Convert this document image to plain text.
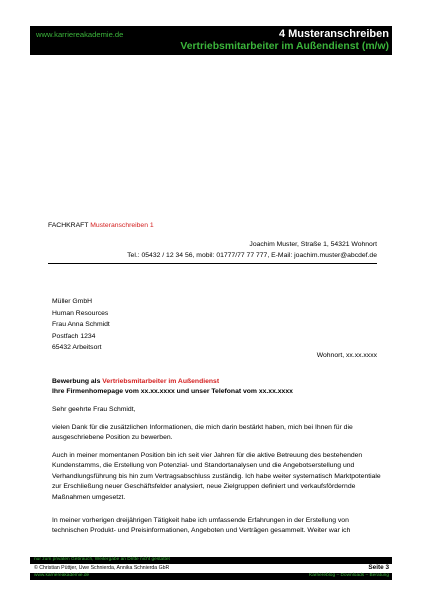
www.karriereakademie.de	4 Musteranschreiben
Vertriebsmitarbeiter im Außendienst (m/w)
FACHKRAFT Musteranschreiben 1
Joachim Muster, Straße 1, 54321 Wohnort
Tel.: 05432 / 12 34 56, mobil: 01777/77 77 777, E-Mail: joachim.muster@abcdef.de
Müller GmbH
Human Resources
Frau Anna Schmidt
Postfach 1234
65432 Arbeitsort
Wohnort, xx.xx.xxxx
Bewerbung als Vertriebsmitarbeiter im Außendienst
Ihre Firmenhomepage vom xx.xx.xxxx und unser Telefonat vom xx.xx.xxxx
Sehr geehrte Frau Schmidt,
vielen Dank für die zusätzlichen Informationen, die mich darin bestärkt haben, mich bei Ihnen für die ausgeschriebene Position zu bewerben.
Auch in meiner momentanen Position bin ich seit vier Jahren für die aktive Betreuung des bestehenden Kundenstamms, die Erstellung von Potenzial- und Standortanalysen und die Angebotserstellung und Verhandlungsführung bis hin zum Vertragsabschluss zuständig. Ich habe weiter systematisch Marktpotentiale zur Erschließung neuer Geschäftsfelder analysiert, neue Zielgruppen definiert und verkaufsfördernde Maßnahmen umgesetzt.
In meiner vorherigen dreijährigen Tätigkeit habe ich umfassende Erfahrungen in der Erstellung von technischen Produkt- und Preisinformationen, Angeboten und Verträgen gesammelt. Weiter war ich
nur zum privaten Gebrauch, Weitergabe an Dritte nicht gestattet
© Christian Püttjer, Uwe Schnierda, Annika Schnierda GbR	Seite 3
www.karriereakademie.de	Karriereblog – Downloads – Beratung
